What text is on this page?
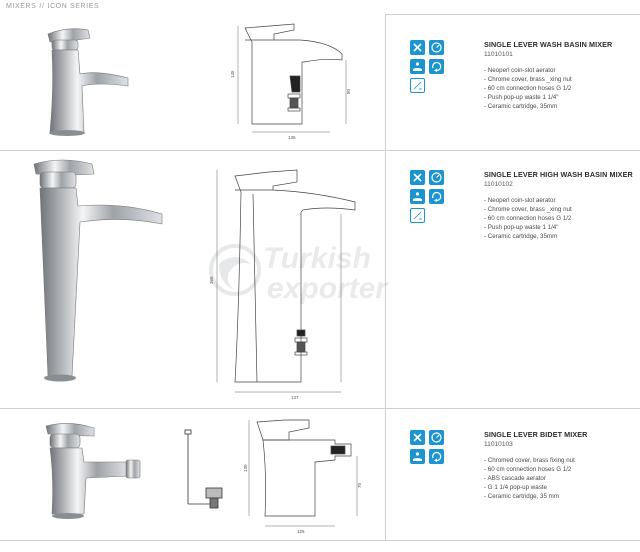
MIXERS // ICON SERIES
Turkish
exporter
145
135
80
w
SINGLE LEVER WASH BASIN MIXER
11010101
- Neoperl coin-slot aerator
- Chrome cover, brass _xing nut
- 60 cm connection hoses G 1/2
- Push pop-up waste 1 1/4"
- Ceramic cartridge, 35mm
365
137
w
SINGLE LEVER HIGH WASH BASIN MIXER
11010102
- Neoperl coin-slot aerator
- Chrome cover, brass _xing nut
- 60 cm connection hoses G 1/2
- Push pop-up waste 1 1/4"
- Ceramic cartridge, 35mm
130
125
70
SINGLE LEVER BIDET MIXER
11010103
- Chromed cover, brass fixing nut
- 60 cm connection hoses G 1/2
- ABS cascade aerator
- G 1 1/4 pop-up waste
- Ceramic cartridge, 35 mm
